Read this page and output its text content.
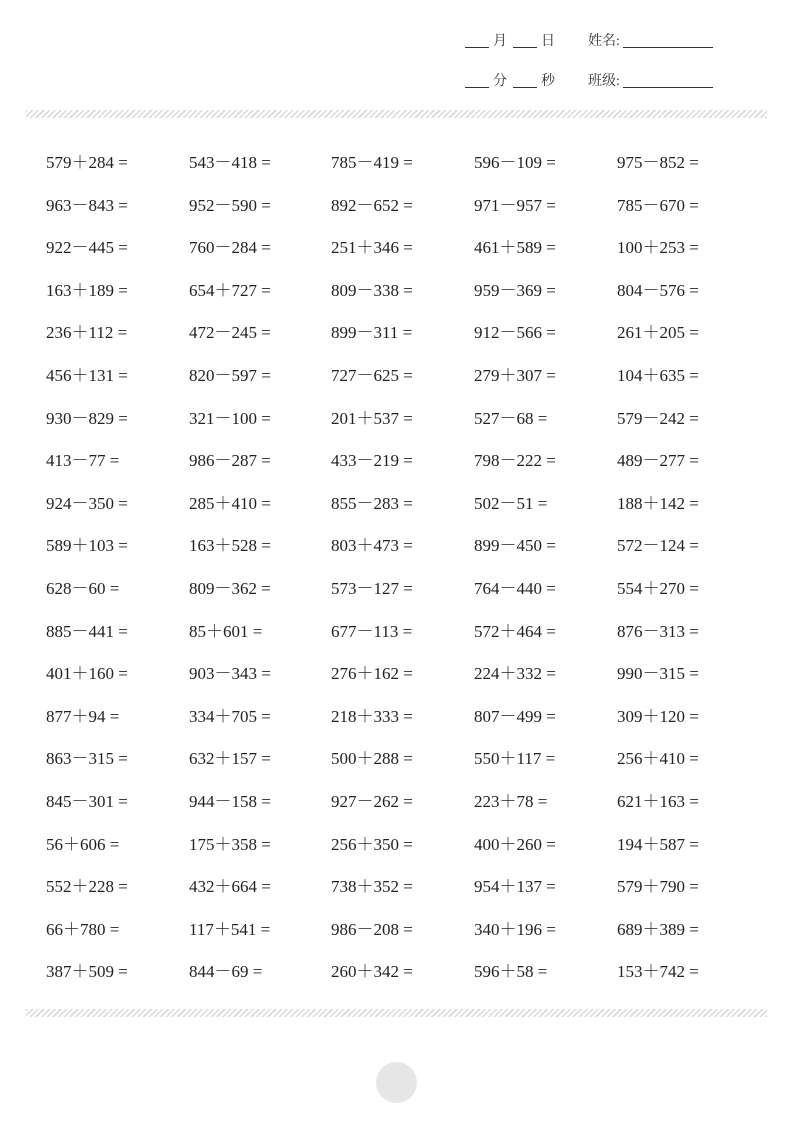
月 日	姓名:
分 秒	班级:
579＋284 =	543－418 =	785－419 =	596－109 =	975－852 =
963－843 =	952－590 =	892－652 =	971－957 =	785－670 =
922－445 =	760－284 =	251＋346 =	461＋589 =	100＋253 =
163＋189 =	654＋727 =	809－338 =	959－369 =	804－576 =
236＋112 =	472－245 =	899－311 =	912－566 =	261＋205 =
456＋131 =	820－597 =	727－625 =	279＋307 =	104＋635 =
930－829 =	321－100 =	201＋537 =	527－68 =	579－242 =
413－77 =	986－287 =	433－219 =	798－222 =	489－277 =
924－350 =	285＋410 =	855－283 =	502－51 =	188＋142 =
589＋103 =	163＋528 =	803＋473 =	899－450 =	572－124 =
628－60 =	809－362 =	573－127 =	764－440 =	554＋270 =
885－441 =	85＋601 =	677－113 =	572＋464 =	876－313 =
401＋160 =	903－343 =	276＋162 =	224＋332 =	990－315 =
877＋94 =	334＋705 =	218＋333 =	807－499 =	309＋120 =
863－315 =	632＋157 =	500＋288 =	550＋117 =	256＋410 =
845－301 =	944－158 =	927－262 =	223＋78 =	621＋163 =
56＋606 =	175＋358 =	256＋350 =	400＋260 =	194＋587 =
552＋228 =	432＋664 =	738＋352 =	954＋137 =	579＋790 =
66＋780 =	117＋541 =	986－208 =	340＋196 =	689＋389 =
387＋509 =	844－69 =	260＋342 =	596＋58 =	153＋742 =
